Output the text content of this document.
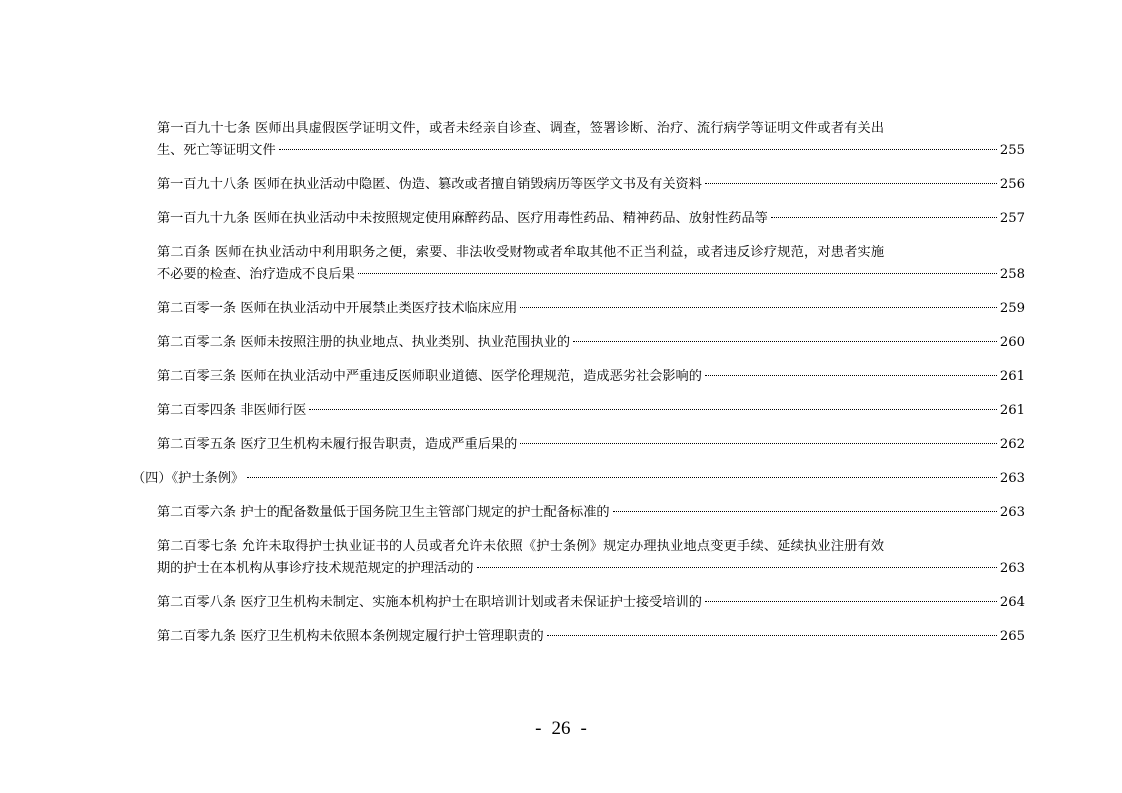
第一百九十七条 医师出具虚假医学证明文件，或者未经亲自诊查、调查，签署诊断、治疗、流行病学等证明文件或者有关出
生、死亡等证明文件	255
第一百九十八条 医师在执业活动中隐匿、伪造、篡改或者擅自销毁病历等医学文书及有关资料	256
第一百九十九条 医师在执业活动中未按照规定使用麻醉药品、医疗用毒性药品、精神药品、放射性药品等	257
第二百条 医师在执业活动中利用职务之便，索要、非法收受财物或者牟取其他不正当利益，或者违反诊疗规范，对患者实施
不必要的检查、治疗造成不良后果	258
第二百零一条 医师在执业活动中开展禁止类医疗技术临床应用	259
第二百零二条 医师未按照注册的执业地点、执业类别、执业范围执业的	260
第二百零三条 医师在执业活动中严重违反医师职业道德、医学伦理规范，造成恶劣社会影响的	261
第二百零四条 非医师行医	261
第二百零五条 医疗卫生机构未履行报告职责，造成严重后果的	262
（四）《护士条例》	263
第二百零六条 护士的配备数量低于国务院卫生主管部门规定的护士配备标准的	263
第二百零七条 允许未取得护士执业证书的人员或者允许未依照《护士条例》规定办理执业地点变更手续、延续执业注册有效
期的护士在本机构从事诊疗技术规范规定的护理活动的	263
第二百零八条 医疗卫生机构未制定、实施本机构护士在职培训计划或者未保证护士接受培训的	264
第二百零九条 医疗卫生机构未依照本条例规定履行护士管理职责的	265
- 26 -
